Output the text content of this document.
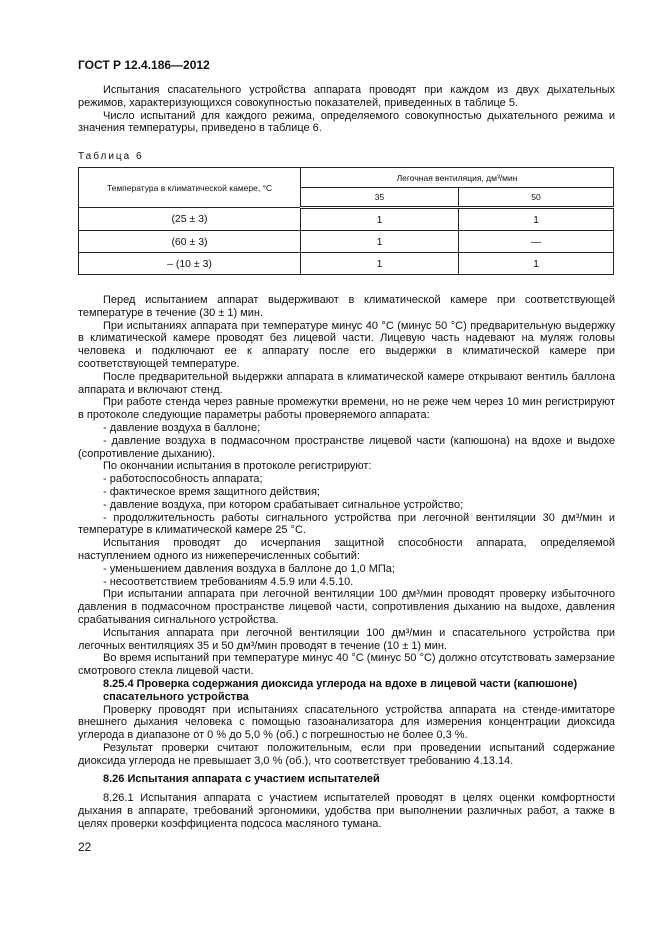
ГОСТ Р 12.4.186—2012

Испытания спасательного устройства аппарата проводят при каждом из двух дыхательных режимов, характеризующихся совокупностью показателей, приведенных в таблице 5.

Число испытаний для каждого режима, определяемого совокупностью дыхательного режима и значения температуры, приведено в таблице 6.

Таблица 6
Температура в климатической камере, °C	Легочная вентиляция, дм³/мин	
	35	50
(25 ± 3)	1	1
(60 ± 3)	1	—
– (10 ± 3)	1	1

Перед испытанием аппарат выдерживают в климатической камере при соответствующей температуре в течение (30 ± 1) мин.

При испытаниях аппарата при температуре минус 40 °C (минус 50 °C) предварительную выдержку в климатической камере проводят без лицевой части. Лицевую часть надевают на муляж головы человека и подключают ее к аппарату после его выдержки в климатической камере при соответствующей температуре.

После предварительной выдержки аппарата в климатической камере открывают вентиль баллона аппарата и включают стенд.

При работе стенда через равные промежутки времени, но не реже чем через 10 мин регистрируют в протоколе следующие параметры работы проверяемого аппарата:

- давление воздуха в баллоне;

- давление воздуха в подмасочном пространстве лицевой части (капюшона) на вдохе и выдохе (сопротивление дыханию).

По окончании испытания в протоколе регистрируют:

- работоспособность аппарата;

- фактическое время защитного действия;

- давление воздуха, при котором срабатывает сигнальное устройство;

- продолжительность работы сигнального устройства при легочной вентиляции 30 дм³/мин и температуре в климатической камере 25 °C.

Испытания проводят до исчерпания защитной способности аппарата, определяемой наступлением одного из нижеперечисленных событий:

- уменьшением давления воздуха в баллоне до 1,0 МПа;

- несоответствием требованиям 4.5.9 или 4.5.10.

При испытании аппарата при легочной вентиляции 100 дм³/мин проводят проверку избыточного давления в подмасочном пространстве лицевой части, сопротивления дыханию на выдохе, давления срабатывания сигнального устройства.

Испытания аппарата при легочной вентиляции 100 дм³/мин и спасательного устройства при легочных вентиляциях 35 и 50 дм³/мин проводят в течение (10 ± 1) мин.

Во время испытаний при температуре минус 40 °C (минус 50 °C) должно отсутствовать замерзание смотрового стекла лицевой части.

8.25.4 Проверка содержания диоксида углерода на вдохе в лицевой части (капюшоне) спасательного устройства

Проверку проводят при испытаниях спасательного устройства аппарата на стенде-имитаторе внешнего дыхания человека с помощью газоанализатора для измерения концентрации диоксида углерода в диапазоне от 0 % до 5,0 % (об.) с погрешностью не более 0,3 %.

Результат проверки считают положительным, если при проведении испытаний содержание диоксида углерода не превышает 3,0 % (об.), что соответствует требованию 4.13.14.

8.26 Испытания аппарата с участием испытателей

8.26.1 Испытания аппарата с участием испытателей проводят в целях оценки комфортности дыхания в аппарате, требований эргономики, удобства при выполнении различных работ, а также в целях проверки коэффициента подсоса масляного тумана.

22
